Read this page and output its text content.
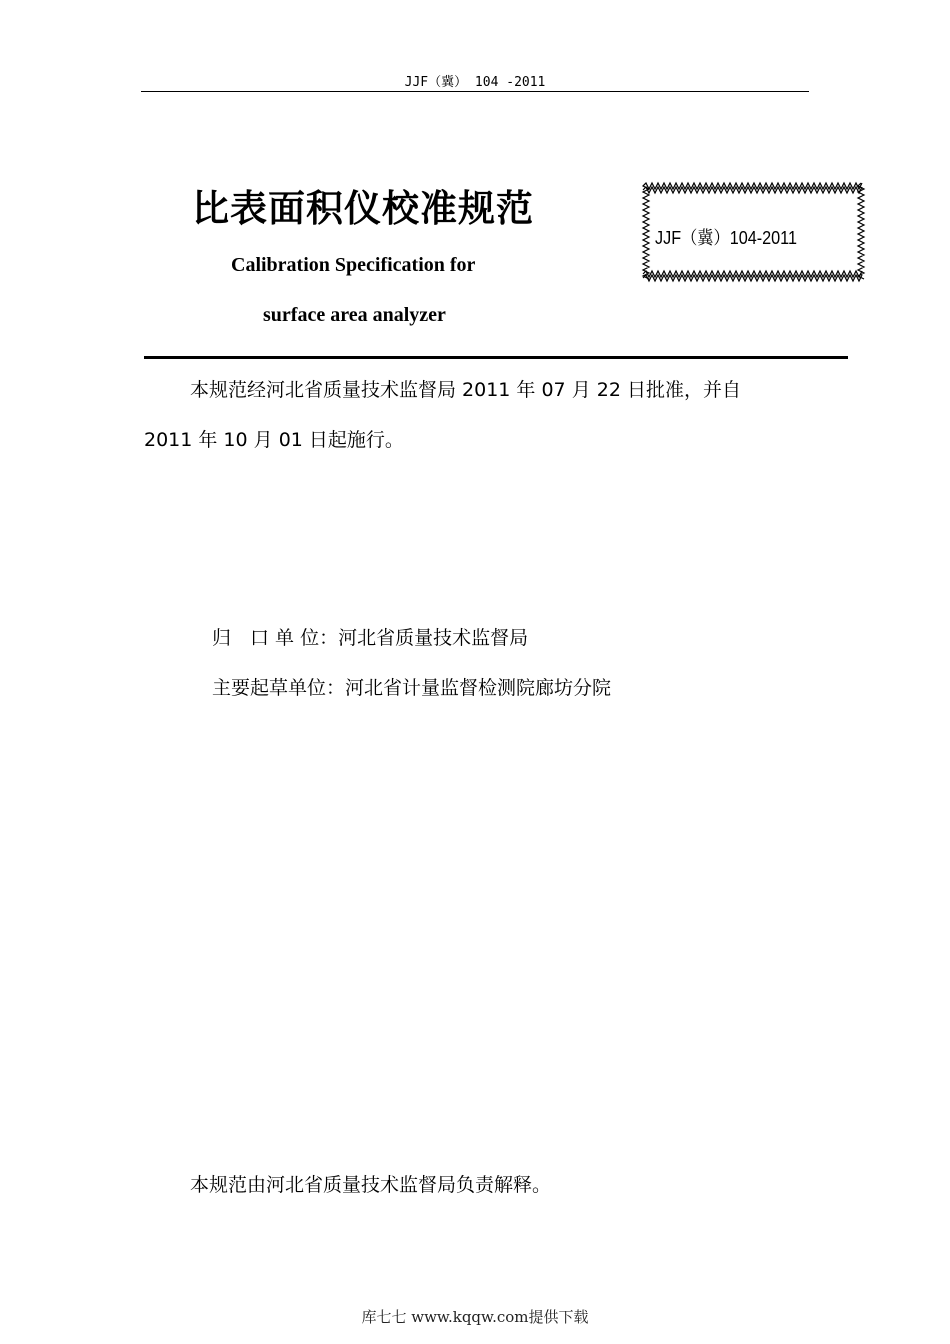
JJF（冀） 104 -2011
比表面积仪校准规范
Calibration Specification for
surface area analyzer
JJF（冀）104-2011
本规范经河北省质量技术监督局 2011 年 07 月 22 日批准，并自
2011 年 10 月 01 日起施行。
归　口 单 位：河北省质量技术监督局
主要起草单位：河北省计量监督检测院廊坊分院
本规范由河北省质量技术监督局负责解释。
库七七 www.kqqw.com提供下载
